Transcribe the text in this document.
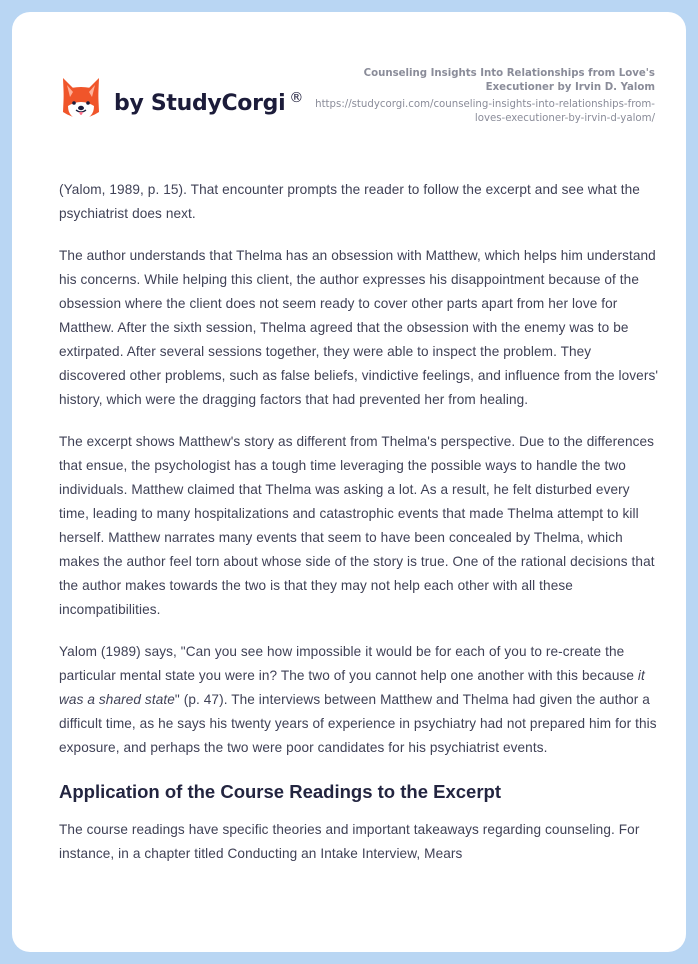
by StudyCorgi ®
Counseling Insights Into Relationships from Love's Executioner by Irvin D. Yalom
https://studycorgi.com/counseling-insights-into-relationships-from-loves-executioner-by-irvin-d-yalom/

(Yalom, 1989, p. 15). That encounter prompts the reader to follow the excerpt and see what the psychiatrist does next.

The author understands that Thelma has an obsession with Matthew, which helps him understand his concerns. While helping this client, the author expresses his disappointment because of the obsession where the client does not seem ready to cover other parts apart from her love for Matthew. After the sixth session, Thelma agreed that the obsession with the enemy was to be extirpated. After several sessions together, they were able to inspect the problem. They discovered other problems, such as false beliefs, vindictive feelings, and influence from the lovers' history, which were the dragging factors that had prevented her from healing.

The excerpt shows Matthew's story as different from Thelma's perspective. Due to the differences that ensue, the psychologist has a tough time leveraging the possible ways to handle the two individuals. Matthew claimed that Thelma was asking a lot. As a result, he felt disturbed every time, leading to many hospitalizations and catastrophic events that made Thelma attempt to kill herself. Matthew narrates many events that seem to have been concealed by Thelma, which makes the author feel torn about whose side of the story is true. One of the rational decisions that the author makes towards the two is that they may not help each other with all these incompatibilities.

Yalom (1989) says, "Can you see how impossible it would be for each of you to re-create the particular mental state you were in? The two of you cannot help one another with this because it was a shared state" (p. 47). The interviews between Matthew and Thelma had given the author a difficult time, as he says his twenty years of experience in psychiatry had not prepared him for this exposure, and perhaps the two were poor candidates for his psychiatrist events.

Application of the Course Readings to the Excerpt

The course readings have specific theories and important takeaways regarding counseling. For instance, in a chapter titled Conducting an Intake Interview, Mears
